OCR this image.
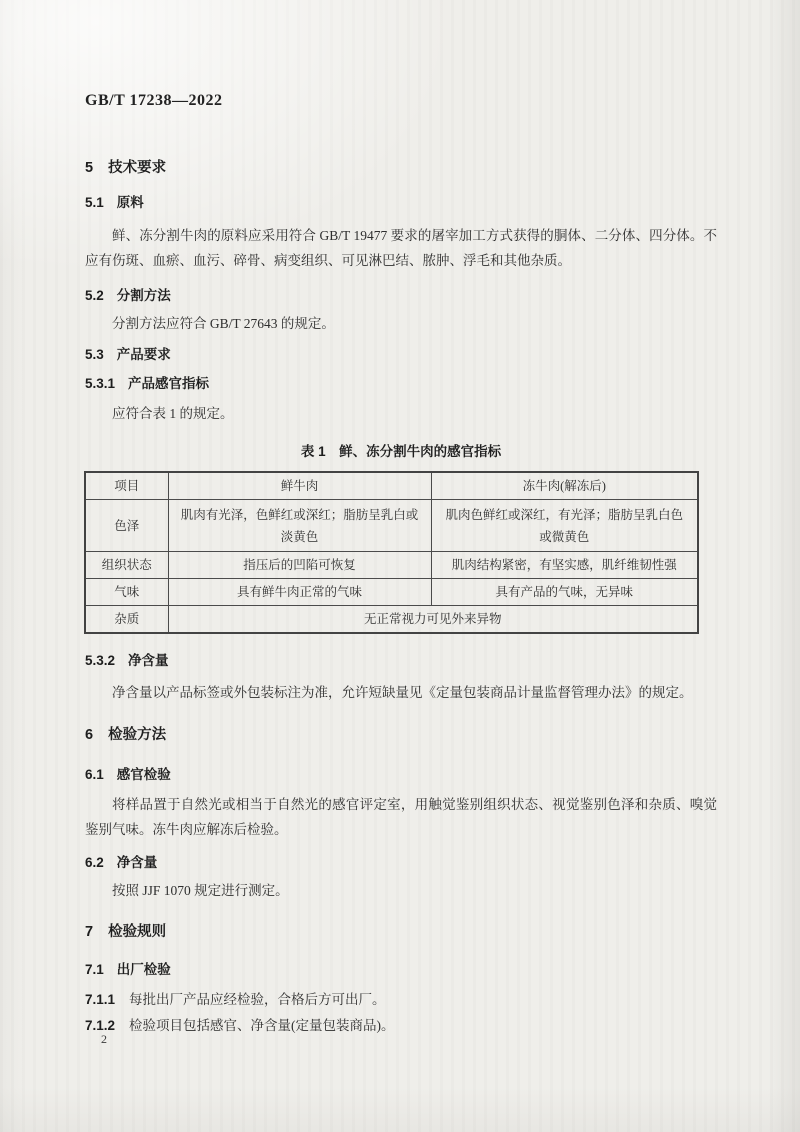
GB/T 17238—2022
5 技术要求
5.1 原料

鲜、冻分割牛肉的原料应采用符合 GB/T 19477 要求的屠宰加工方式获得的胴体、二分体、四分体。不应有伤斑、血瘀、血污、碎骨、病变组织、可见淋巴结、脓肿、浮毛和其他杂质。

5.2 分割方法

分割方法应符合 GB/T 27643 的规定。

5.3 产品要求
5.3.1 产品感官指标

应符合表 1 的规定。

表 1　鲜、冻分割牛肉的感官指标
项目	鲜牛肉	冻牛肉(解冻后)
色泽	肌肉有光泽，色鲜红或深红；脂肪呈乳白或淡黄色	肌肉色鲜红或深红，有光泽；脂肪呈乳白色或微黄色
组织状态	指压后的凹陷可恢复	肌肉结构紧密，有坚实感，肌纤维韧性强
气味	具有鲜牛肉正常的气味	具有产品的气味，无异味
杂质	无正常视力可见外来异物	
5.3.2 净含量

净含量以产品标签或外包装标注为准，允许短缺量见《定量包装商品计量监督管理办法》的规定。

6 检验方法
6.1 感官检验

将样品置于自然光或相当于自然光的感官评定室，用触觉鉴别组织状态、视觉鉴别色泽和杂质、嗅觉鉴别气味。冻牛肉应解冻后检验。

6.2 净含量

按照 JJF 1070 规定进行测定。

7 检验规则
7.1 出厂检验

7.1.1 每批出厂产品应经检验，合格后方可出厂。

7.1.2 检验项目包括感官、净含量(定量包装商品)。

2
